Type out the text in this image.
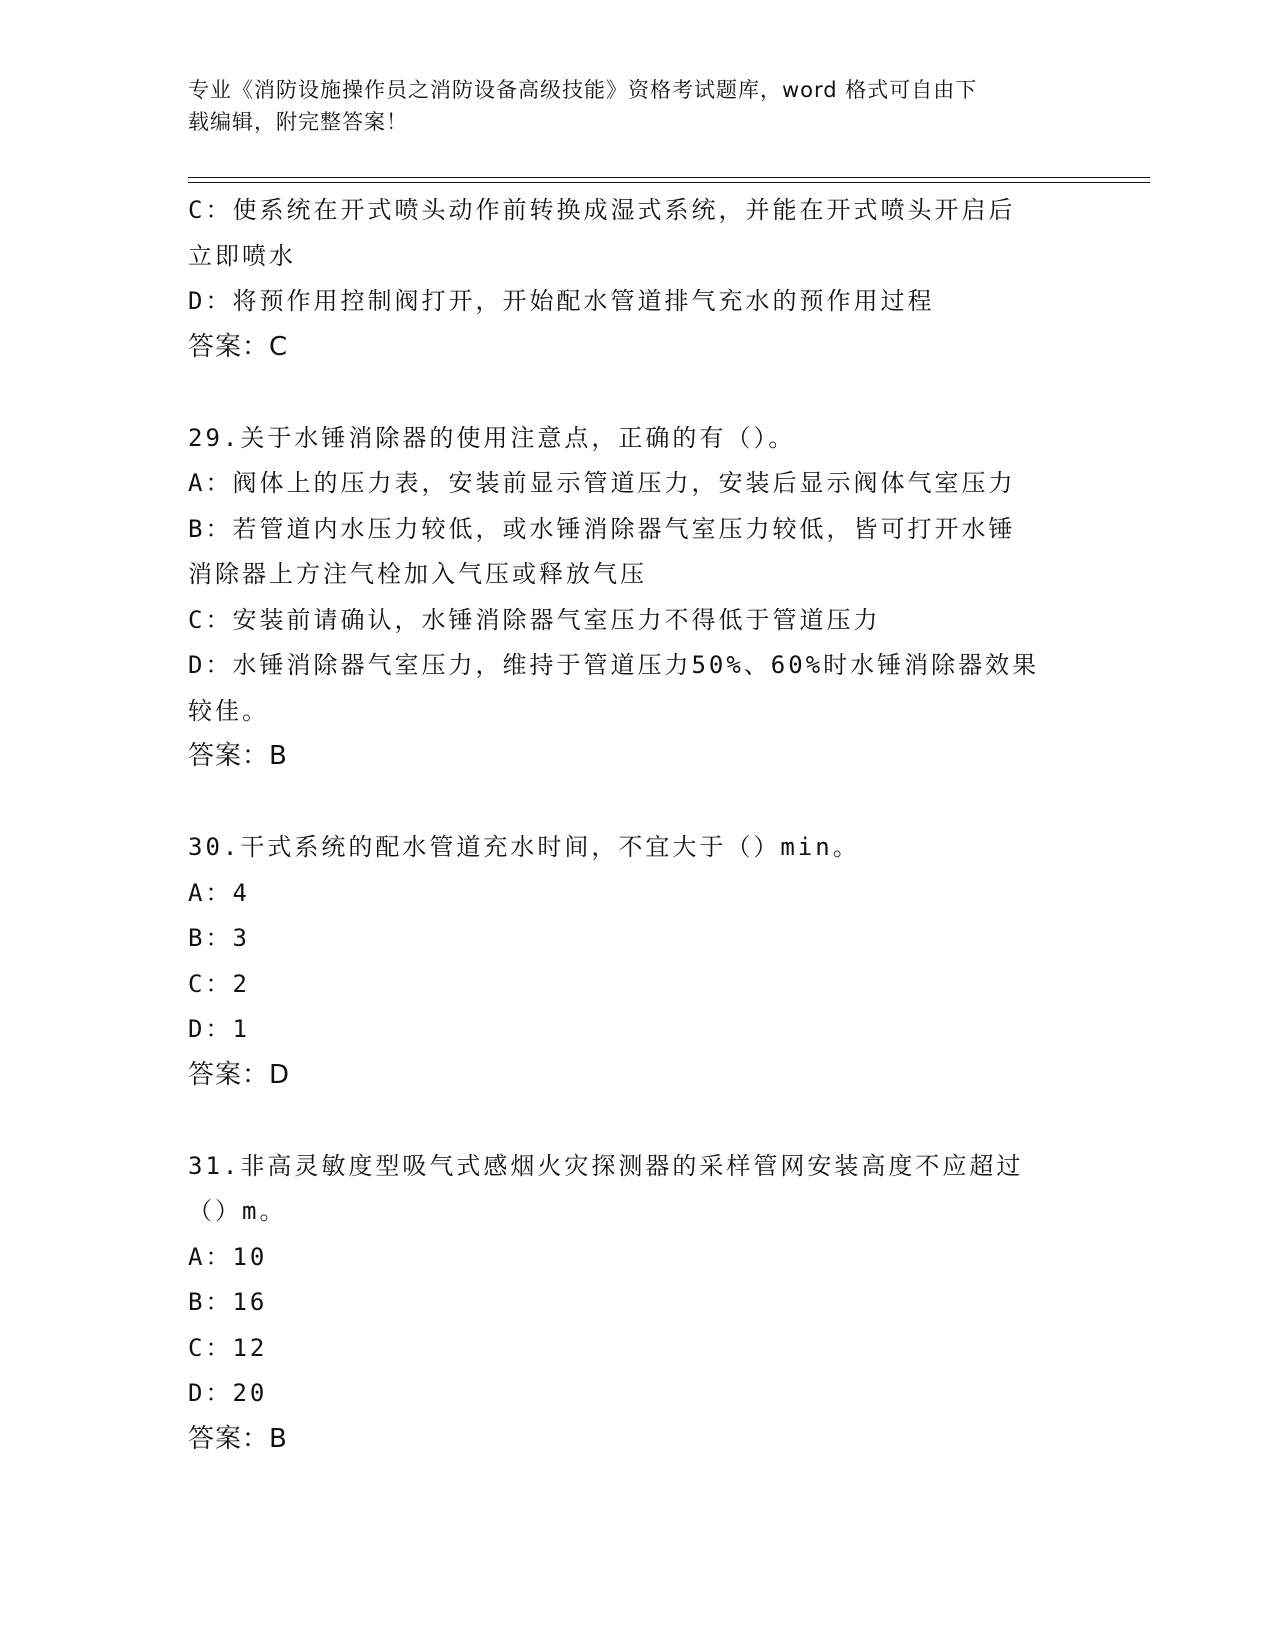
专业《消防设施操作员之消防设备高级技能》资格考试题库，word 格式可自由下
载编辑，附完整答案！
C：使系统在开式喷头动作前转换成湿式系统，并能在开式喷头开启后
立即喷水
D：将预作用控制阀打开，开始配水管道排气充水的预作用过程
答案：C
29.关于水锤消除器的使用注意点，正确的有（）。
A：阀体上的压力表，安装前显示管道压力，安装后显示阀体气室压力
B：若管道内水压力较低，或水锤消除器气室压力较低，皆可打开水锤
消除器上方注气栓加入气压或释放气压
C：安装前请确认，水锤消除器气室压力不得低于管道压力
D：水锤消除器气室压力，维持于管道压力50%、60%时水锤消除器效果
较佳。
答案：B
30.干式系统的配水管道充水时间，不宜大于（）min。
A：4
B：3
C：2
D：1
答案：D
31.非高灵敏度型吸气式感烟火灾探测器的采样管网安装高度不应超过
（）m。
A：10
B：16
C：12
D：20
答案：B
